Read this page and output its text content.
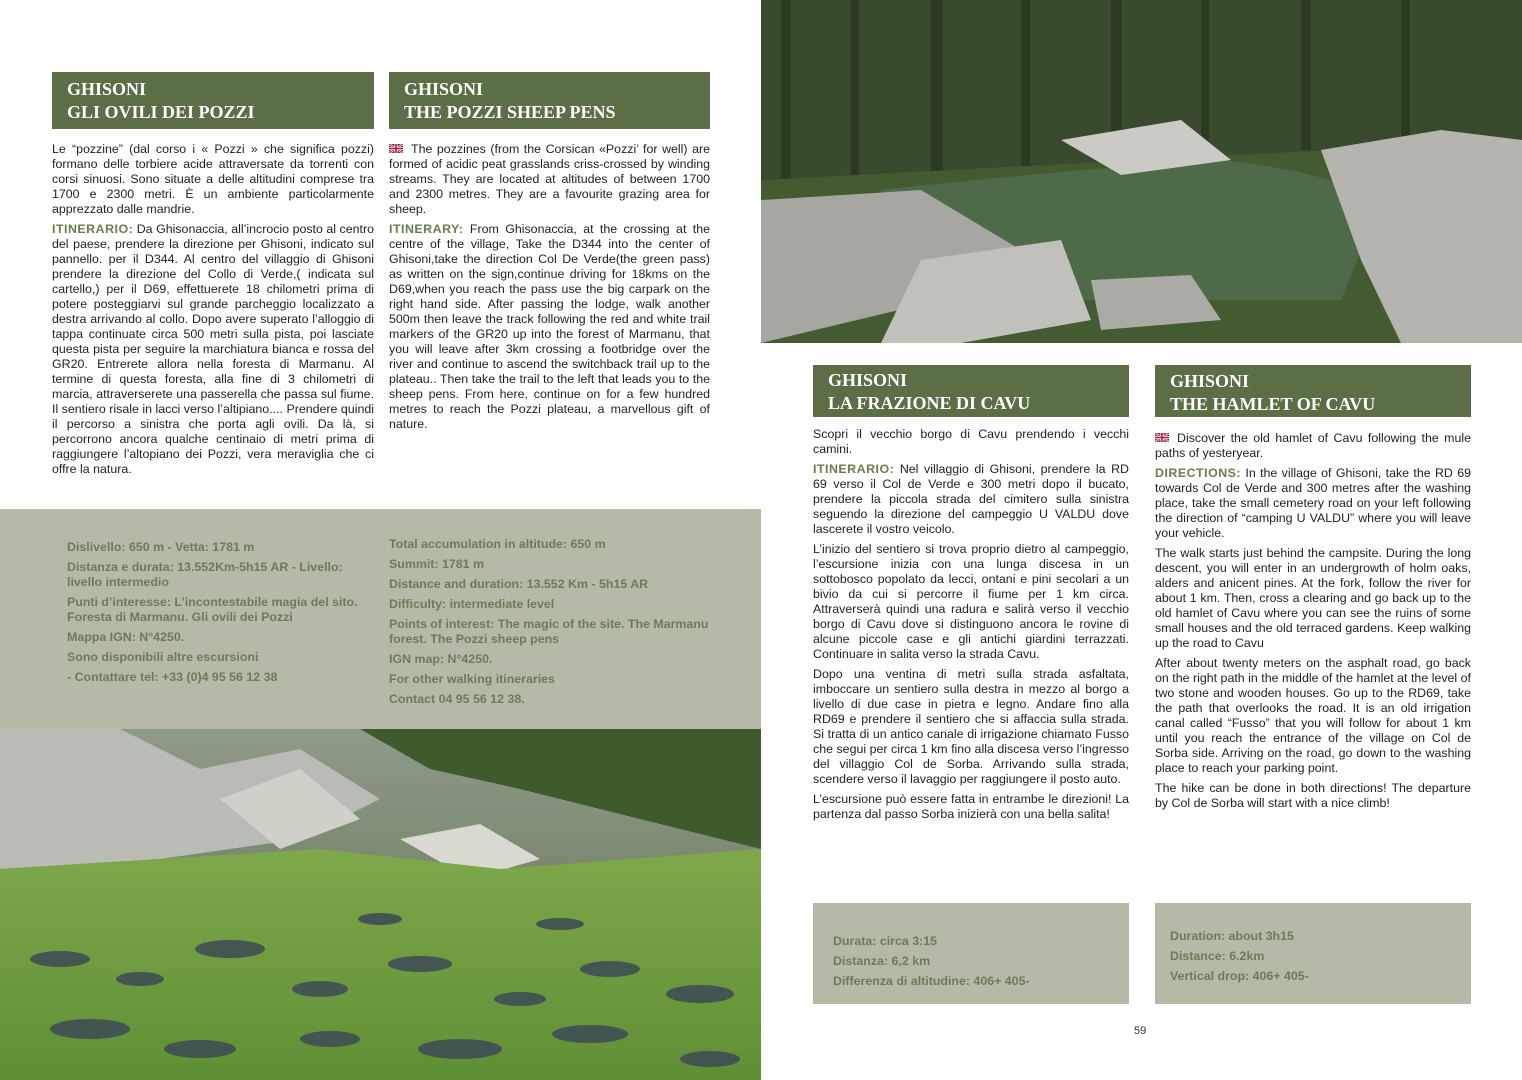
GHISONI
GLI OVILI DEI POZZI
GHISONI
THE POZZI SHEEP PENS

Le “pozzine” (dal corso i « Pozzi » che significa pozzi) formano delle torbiere acide attraversate da torrenti con corsi sinuosi. Sono situate a delle altitudini comprese tra 1700 e 2300 metri. È un ambiente particolarmente apprezzato dalle mandrie.

ITINERARIO: Da Ghisonaccia, all’incrocio posto al centro del paese, prendere la direzione per Ghisoni, indicato sul pannello. per il D344. Al centro del villaggio di Ghisoni prendere la direzione del Collo di Verde,( indicata sul cartello,) per il D69, effettuerete 18 chilometri prima di potere posteggiarvi sul grande parcheggio localizzato a destra arrivando al collo. Dopo avere superato l’alloggio di tappa continuate circa 500 metri sulla pista, poi lasciate questa pista per seguire la marchiatura bianca e rossa del GR20. Entrerete allora nella foresta di Marmanu. Al termine di questa foresta, alla fine di 3 chilometri di marcia, attraverserete una passerella che passa sul fiume. Il sentiero risale in lacci verso l’altipiano.... Prendere quindi il percorso a sinistra che porta agli ovili. Da là, si percorrono ancora qualche centinaio di metri prima di raggiungere l’altopiano dei Pozzi, vera meraviglia che ci offre la natura.

The pozzines (from the Corsican «Pozzi’ for well) are formed of acidic peat grasslands criss-crossed by winding streams. They are located at altitudes of between 1700 and 2300 metres. They are a favourite grazing area for sheep.

ITINERARY: From Ghisonaccia, at the crossing at the centre of the village, Take the D344 into the center of Ghisoni,take the direction Col De Verde(the green pass) as written on the sign,continue driving for 18kms on the D69,when you reach the pass use the big carpark on the right hand side. After passing the lodge, walk another 500m then leave the track following the red and white trail markers of the GR20 up into the forest of Marmanu, that you will leave after 3km crossing a footbridge over the river and continue to ascend the switchback trail up to the plateau.. Then take the trail to the left that leads you to the sheep pens. From here, continue on for a few hundred metres to reach the Pozzi plateau, a marvellous gift of nature.

Dislivello: 650 m - Vetta: 1781 m
Distanza e durata: 13.552Km-5h15 AR - Livello: livello intermedio
Punti d’interesse: L’incontestabile magia del sito. Foresta di Marmanu. Gli ovili dei Pozzi
Mappa IGN: N°4250.
Sono disponibili altre escursioni
- Contattare tel: +33 (0)4 95 56 12 38
Total accumulation in altitude: 650 m
Summit: 1781 m
Distance and duration: 13.552 Km - 5h15 AR
Difficulty: intermediate level
Points of interest: The magic of the site. The Marmanu forest. The Pozzi sheep pens
IGN map: N°4250.
For other walking itineraries
Contact 04 95 56 12 38.
GHISONI
LA FRAZIONE DI CAVU
GHISONI
THE HAMLET OF CAVU

Scopri il vecchio borgo di Cavu prendendo i vecchi camini.

ITINERARIO: Nel villaggio di Ghisoni, prendere la RD 69 verso il Col de Verde e 300 metri dopo il bucato, prendere la piccola strada del cimitero sulla sinistra seguendo la direzione del campeggio U VALDU dove lascerete il vostro veicolo.

L’inizio del sentiero si trova proprio dietro al campeggio, l’escursione inizia con una lunga discesa in un sottobosco popolato da lecci, ontani e pini secolari a un bivio da cui si percorre il fiume per 1 km circa. Attraverserà quindi una radura e salirà verso il vecchio borgo di Cavu dove si distinguono ancora le rovine di alcune piccole case e gli antichi giardini terrazzati. Continuare in salita verso la strada Cavu.

Dopo una ventina di metri sulla strada asfaltata, imboccare un sentiero sulla destra in mezzo al borgo a livello di due case in pietra e legno. Andare fino alla RD69 e prendere il sentiero che si affaccia sulla strada. Si tratta di un antico canale di irrigazione chiamato Fusso che segui per circa 1 km fino alla discesa verso l’ingresso del villaggio Col de Sorba. Arrivando sulla strada, scendere verso il lavaggio per raggiungere il posto auto.

L’escursione può essere fatta in entrambe le direzioni! La partenza dal passo Sorba inizierà con una bella salita!

Discover the old hamlet of Cavu following the mule paths of yesteryear.

DIRECTIONS: In the village of Ghisoni, take the RD 69 towards Col de Verde and 300 metres after the washing place, take the small cemetery road on your left following the direction of “camping U VALDU” where you will leave your vehicle.

The walk starts just behind the campsite. During the long descent, you will enter in an undergrowth of holm oaks, alders and anicent pines. At the fork, follow the river for about 1 km. Then, cross a clearing and go back up to the old hamlet of Cavu where you can see the ruins of some small houses and the old terraced gardens. Keep walking up the road to Cavu

After about twenty meters on the asphalt road, go back on the right path in the middle of the hamlet at the level of two stone and wooden houses. Go up to the RD69, take the path that overlooks the road. It is an old irrigation canal called “Fusso” that you will follow for about 1 km until you reach the entrance of the village on Col de Sorba side. Arriving on the road, go down to the washing place to reach your parking point.

The hike can be done in both directions! The departure by Col de Sorba will start with a nice climb!

Durata: circa 3:15
Distanza: 6,2 km
Differenza di altitudine: 406+ 405-
Duration: about 3h15
Distance: 6.2km
Vertical drop: 406+ 405-
59
